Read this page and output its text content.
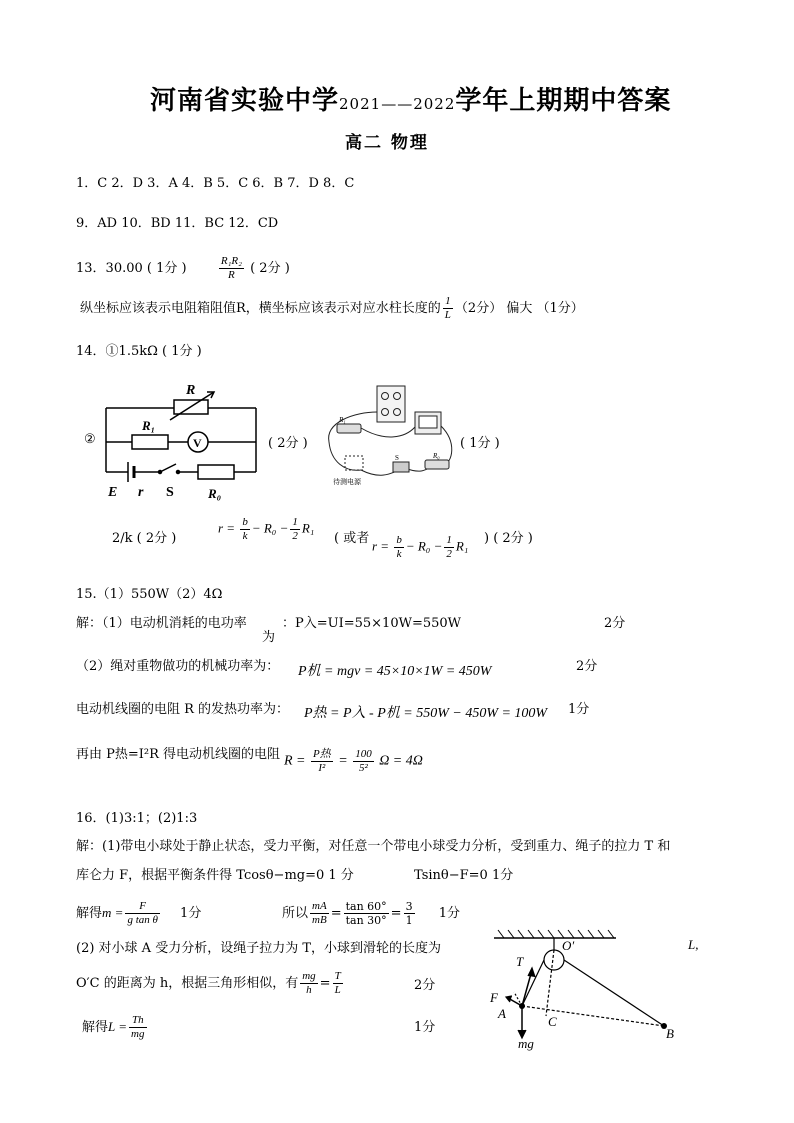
河南省实验中学2021——2022学年上期期中答案
高二 物理
1．C 2．D 3．A 4．B 5．C 6．B 7．D 8．C
9．AD 10．BD 11．BC 12．CD
13．30.00 ( 1分 )	$\frac{\text{R₁R₂}}{R}$ ( 2分 )
纵坐标应该表示电阻箱阻值R，横坐标应该表示对应水柱长度的 $\frac{1}{L} (2$分） 偏大 （1分）
14．①1.5kΩ ( 1分 )
R
R₁
V
E r S	R₀
②	( 2分 )
R₁
S	R₀
待测电源
( 1分 )
2/k ( 2分 )
$r = \frac{b}{k} - R_0 - \frac{1}{2} R_1$
( 或者 $r = \frac{b}{k} - R_0 - \frac{1}{2} R_1$ ) ( 2分 )
15.（1）550W（2）4Ω
解：（1）电动机消耗的电功率
为
：P入=UI=55×10W=550W	2分
（2）绳对重物做功的机械功率为： P机 = mgv = 45×10×1W = 450W	2分
电动机线圈的电阻 R 的发热功率为： P热 = P入 - P机 = 550W − 450W = 100W 1分
再由 P热=I²R 得电动机线圈的电阻 $R = \frac{\text{P热}}{\text{I²}} = \frac{100}{\text{5²}}$ Ω = 4Ω
16．(1)3:1；(2)1:3
解：(1)带电小球处于静止状态，受力平衡，对任意一个带电小球受力分析，受到重力、绳子的拉力 T 和
库仑力 F，根据平衡条件得 Tcosθ−mg=0 1 分	Tsinθ−F=0 1分
解得$m = \frac{F}{\text{g tan θ}} 1$分	所以 $\frac{mA}{mB} = \frac{\tan 60^\circ}{\tan 30^\circ} = \frac{3}{1} 1$分
(2) 对小球 A 受力分析，设绳子拉力为 T，小球到滑轮的长度为	L,
O′C 的距离为 h，根据三角形相似，有 $\frac{mg}{h} = \frac{T}{L}$	2分
解得$L = \frac{Th}{mg}$	1分
O′
T
F
A
C
B
mg
